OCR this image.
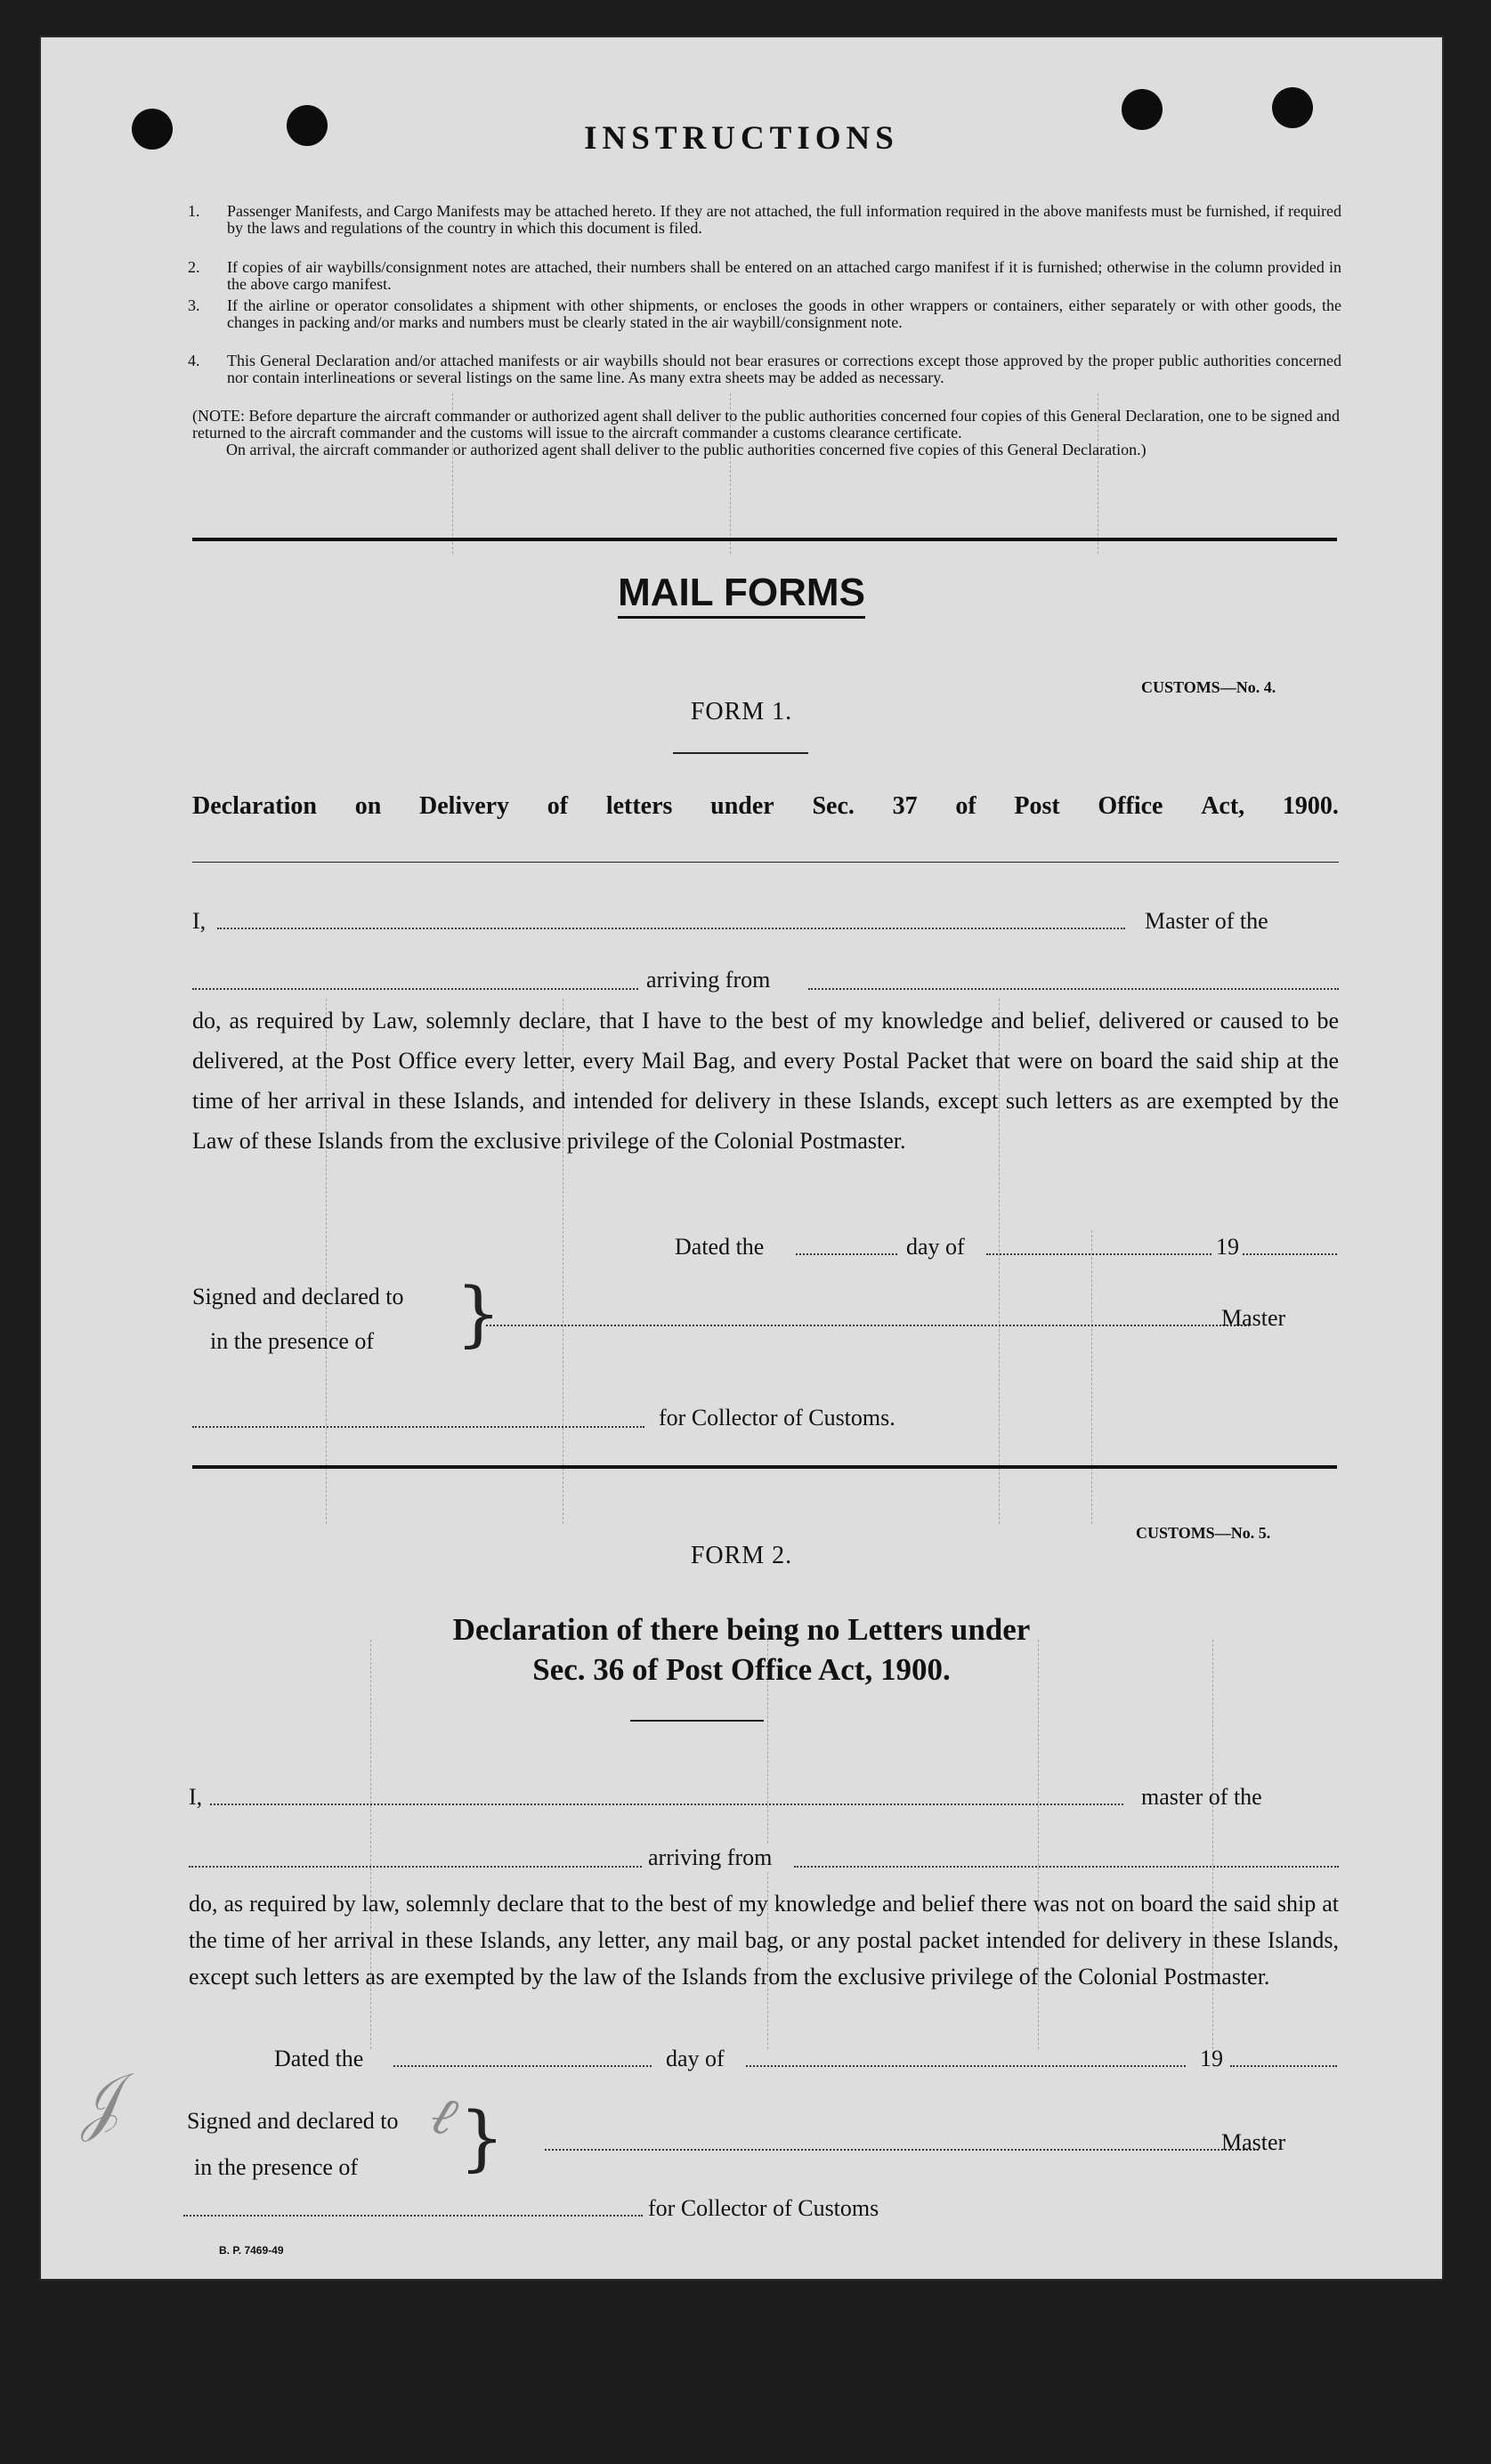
INSTRUCTIONS
1. Passenger Manifests, and Cargo Manifests may be attached hereto. If they are not attached, the full information required in the above manifests must be furnished, if required by the laws and regulations of the country in which this document is filed.
2. If copies of air waybills/consignment notes are attached, their numbers shall be entered on an attached cargo manifest if it is furnished; otherwise in the column provided in the above cargo manifest.
3. If the airline or operator consolidates a shipment with other shipments, or encloses the goods in other wrappers or containers, either separately or with other goods, the changes in packing and/or marks and numbers must be clearly stated in the air waybill/consignment note.
4. This General Declaration and/or attached manifests or air waybills should not bear erasures or corrections except those approved by the proper public authorities concerned nor contain interlineations or several listings on the same line. As many extra sheets may be added as necessary.
(NOTE: Before departure the aircraft commander or authorized agent shall deliver to the public authorities concerned four copies of this General Declaration, one to be signed and returned to the aircraft commander and the customs will issue to the aircraft commander a customs clearance certificate.
On arrival, the aircraft commander or authorized agent shall deliver to the public authorities concerned five copies of this General Declaration.)
MAIL FORMS
CUSTOMS—No. 4.
FORM 1.
Declaration on Delivery of letters under Sec. 37 of Post Office Act, 1900.
I,	Master of the
arriving from
do, as required by Law, solemnly declare, that I have to the best of my knowledge and belief, delivered or caused to be delivered, at the Post Office every letter, every Mail Bag, and every Postal Packet that were on board the said ship at the time of her arrival in these Islands, and intended for delivery in these Islands, except such letters as are exempted by the Law of these Islands from the exclusive privilege of the Colonial Postmaster.
Dated the	day of	19
Signed and declared to
in the presence of }	Master
for Collector of Customs.
CUSTOMS—No. 5.
FORM 2.
Declaration of there being no Letters under
Sec. 36 of Post Office Act, 1900.
I,	master of the
arriving from
do, as required by law, solemnly declare that to the best of my knowledge and belief there was not on board the said ship at the time of her arrival in these Islands, any letter, any mail bag, or any postal packet intended for delivery in these Islands, except such letters as are exempted by the law of the Islands from the exclusive privilege of the Colonial Postmaster.
Dated the	day of	19
Signed and declared to
in the presence of }	Master
for Collector of Customs
𝒥	ℓ
B. P. 7469-49
